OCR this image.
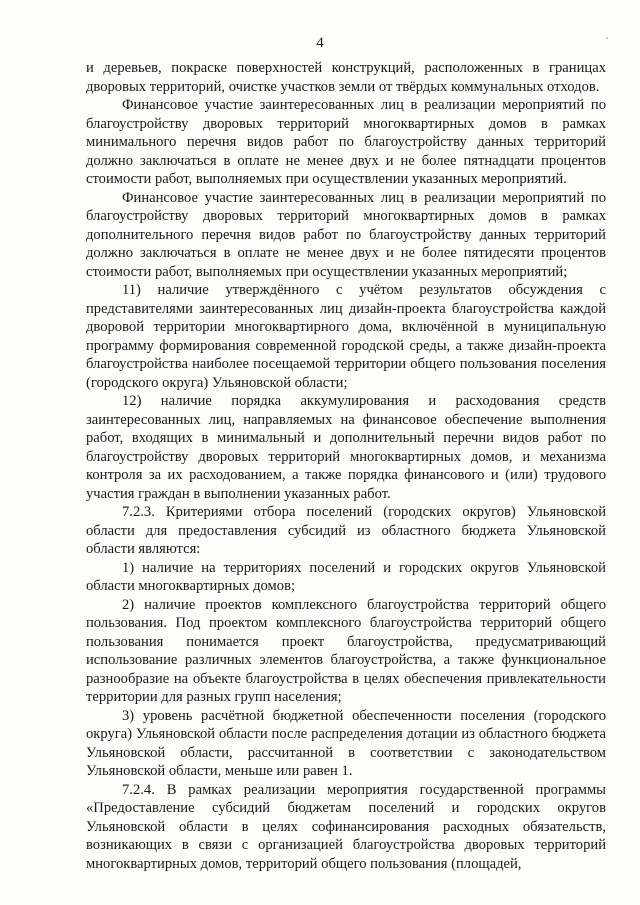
4

и деревьев, покраске поверхностей конструкций, расположенных в границах дворовых территорий, очистке участков земли от твёрдых коммунальных отходов.

Финансовое участие заинтересованных лиц в реализации мероприятий по благоустройству дворовых территорий многоквартирных домов в рамках минимального перечня видов работ по благоустройству данных территорий должно заключаться в оплате не менее двух и не более пятнадцати процентов стоимости работ, выполняемых при осуществлении указанных мероприятий.

Финансовое участие заинтересованных лиц в реализации мероприятий по благоустройству дворовых территорий многоквартирных домов в рамках дополнительного перечня видов работ по благоустройству данных территорий должно заключаться в оплате не менее двух и не более пятидесяти процентов стоимости работ, выполняемых при осуществлении указанных мероприятий;

11) наличие утверждённого с учётом результатов обсуждения с представителями заинтересованных лиц дизайн-проекта благоустройства каждой дворовой территории многоквартирного дома, включённой в муниципальную программу формирования современной городской среды, а также дизайн-проекта благоустройства наиболее посещаемой территории общего пользования поселения (городского округа) Ульяновской области;

12) наличие порядка аккумулирования и расходования средств заинтересованных лиц, направляемых на финансовое обеспечение выполнения работ, входящих в минимальный и дополнительный перечни видов работ по благоустройству дворовых территорий многоквартирных домов, и механизма контроля за их расходованием, а также порядка финансового и (или) трудового участия граждан в выполнении указанных работ.

7.2.3. Критериями отбора поселений (городских округов) Ульяновской области для предоставления субсидий из областного бюджета Ульяновской области являются:

1) наличие на территориях поселений и городских округов Ульяновской области многоквартирных домов;

2) наличие проектов комплексного благоустройства территорий общего пользования. Под проектом комплексного благоустройства территорий общего пользования понимается проект благоустройства, предусматривающий использование различных элементов благоустройства, а также функциональное разнообразие на объекте благоустройства в целях обеспечения привлекательности территории для разных групп населения;

3) уровень расчётной бюджетной обеспеченности поселения (городского округа) Ульяновской области после распределения дотации из областного бюджета Ульяновской области, рассчитанной в соответствии с законодательством Ульяновской области, меньше или равен 1.

7.2.4. В рамках реализации мероприятия государственной программы «Предоставление субсидий бюджетам поселений и городских округов Ульяновской области в целях софинансирования расходных обязательств, возникающих в связи с организацией благоустройства дворовых территорий многоквартирных домов, территорий общего пользования (площадей,
